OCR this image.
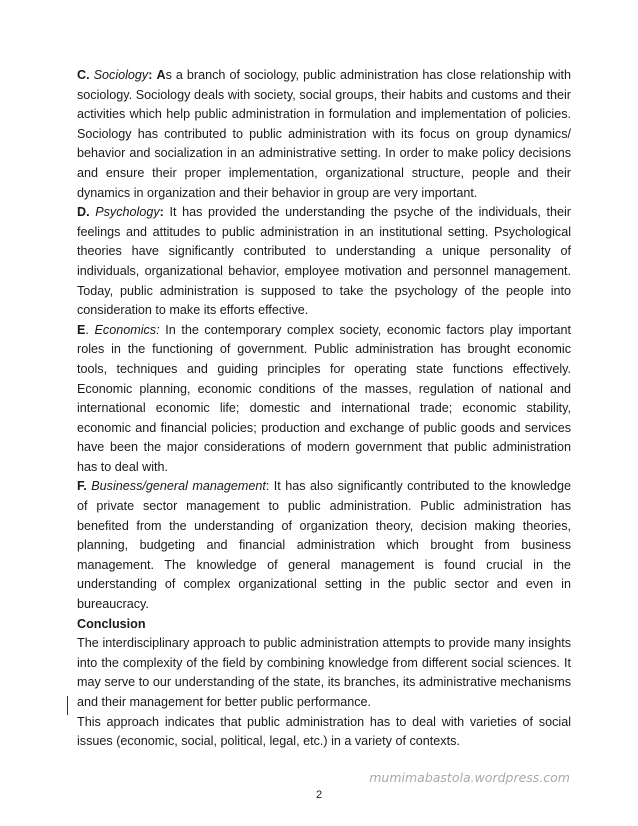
C. Sociology: As a branch of sociology, public administration has close relationship with sociology. Sociology deals with society, social groups, their habits and customs and their activities which help public administration in formulation and implementation of policies. Sociology has contributed to public administration with its focus on group dynamics/ behavior and socialization in an administrative setting. In order to make policy decisions and ensure their proper implementation, organizational structure, people and their dynamics in organization and their behavior in group are very important.

D. Psychology: It has provided the understanding the psyche of the individuals, their feelings and attitudes to public administration in an institutional setting. Psychological theories have significantly contributed to understanding a unique personality of individuals, organizational behavior, employee motivation and personnel management. Today, public administration is supposed to take the psychology of the people into consideration to make its efforts effective.

E. Economics: In the contemporary complex society, economic factors play important roles in the functioning of government. Public administration has brought economic tools, techniques and guiding principles for operating state functions effectively. Economic planning, economic conditions of the masses, regulation of national and international economic life; domestic and international trade; economic stability, economic and financial policies; production and exchange of public goods and services have been the major considerations of modern government that public administration has to deal with.

F. Business/general management: It has also significantly contributed to the knowledge of private sector management to public administration. Public administration has benefited from the understanding of organization theory, decision making theories, planning, budgeting and financial administration which brought from business management. The knowledge of general management is found crucial in the understanding of complex organizational setting in the public sector and even in bureaucracy.

Conclusion

The interdisciplinary approach to public administration attempts to provide many insights into the complexity of the field by combining knowledge from different social sciences. It may serve to our understanding of the state, its branches, its administrative mechanisms and their management for better public performance.

This approach indicates that public administration has to deal with varieties of social issues (economic, social, political, legal, etc.) in a variety of contexts.

mumimabastola.wordpress.com
2
